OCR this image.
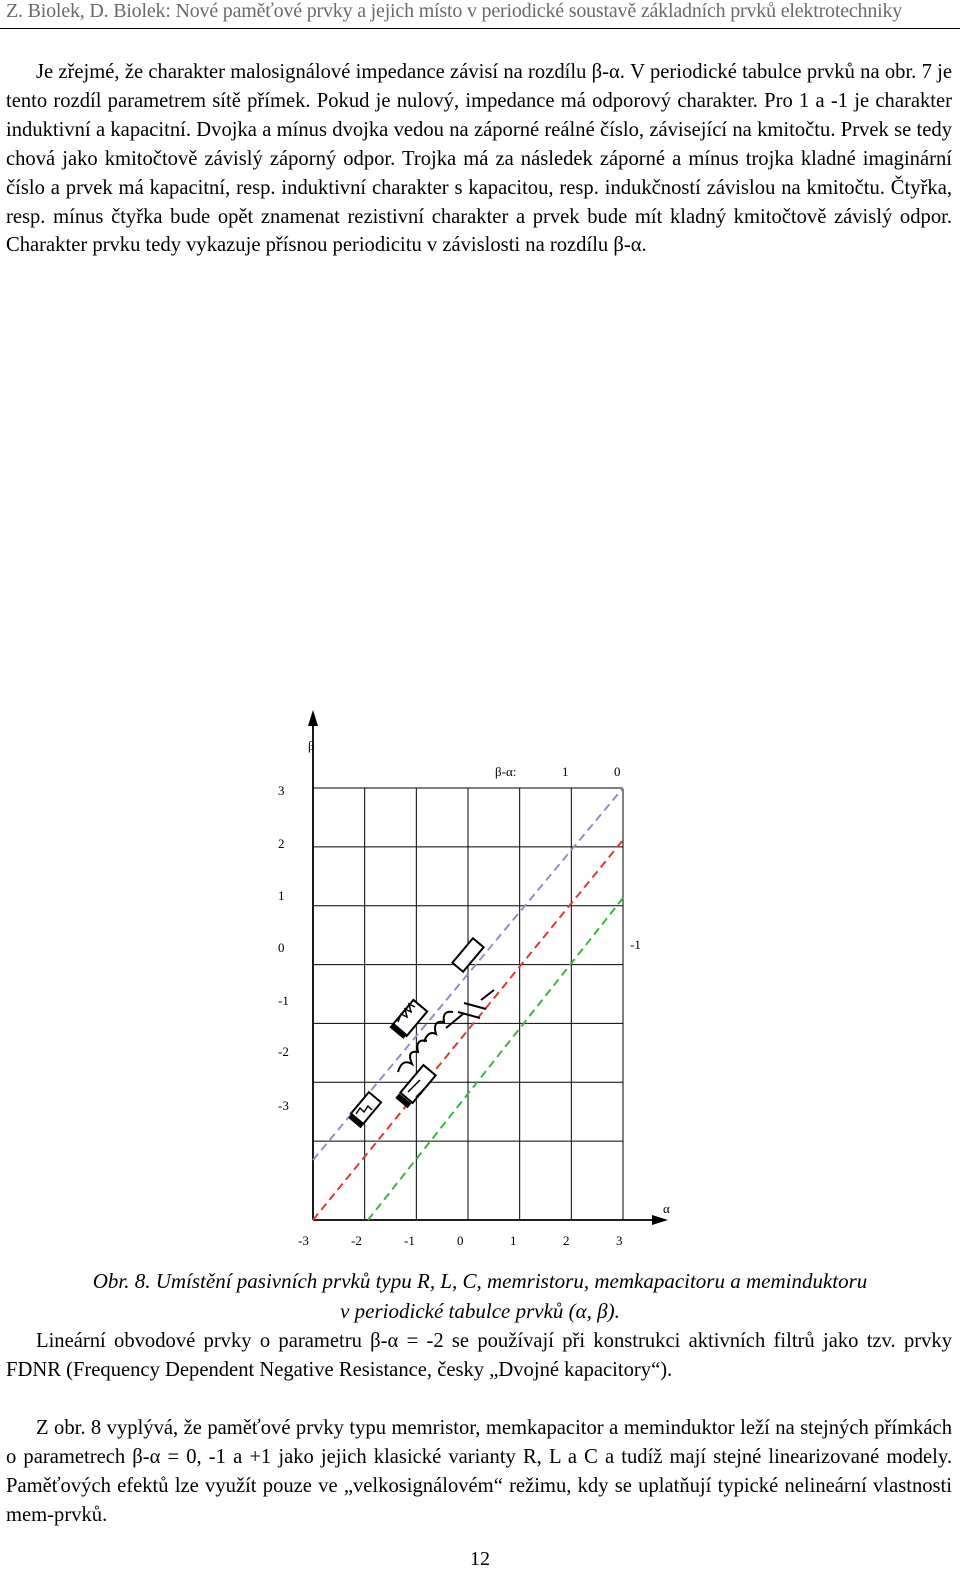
Z. Biolek, D. Biolek: Nové paměťové prvky a jejich místo v periodické soustavě základních prvků elektrotechniky

Je zřejmé, že charakter malosignálové impedance závisí na rozdílu β-α. V periodické tabulce prvků na obr. 7 je tento rozdíl parametrem sítě přímek. Pokud je nulový, impedance má odporový charakter. Pro 1 a -1 je charakter induktivní a kapacitní. Dvojka a mínus dvojka vedou na záporné reálné číslo, závisející na kmitočtu. Prvek se tedy chová jako kmitočtově závislý záporný odpor. Trojka má za následek záporné a mínus trojka kladné imaginární číslo a prvek má kapacitní, resp. induktivní charakter s kapacitou, resp. indukčností závislou na kmitočtu. Čtyřka, resp. mínus čtyřka bude opět znamenat rezistivní charakter a prvek bude mít kladný kmitočtově závislý odpor. Charakter prvku tedy vykazuje přísnou periodicitu v závislosti na rozdílu β-α.

β
α
β-α:	1	0
-1
3
2
1
0
-1
-2
-3
-3	-2	-1	0	1	2	3
Obr. 8. Umístění pasivních prvků typu R, L, C, memristoru, memkapacitoru a meminduktoru
v periodické tabulce prvků (α, β).

Lineární obvodové prvky o parametru β-α = -2 se používají při konstrukci aktivních filtrů jako tzv. prvky FDNR (Frequency Dependent Negative Resistance, česky „Dvojné kapacitory“).

Z obr. 8 vyplývá, že paměťové prvky typu memristor, memkapacitor a meminduktor leží na stejných přímkách o parametrech β-α = 0, -1 a +1 jako jejich klasické varianty R, L a C a tudíž mají stejné linearizované modely. Paměťových efektů lze využít pouze ve „velkosignálovém“ režimu, kdy se uplatňují typické nelineární vlastnosti mem-prvků.

12
